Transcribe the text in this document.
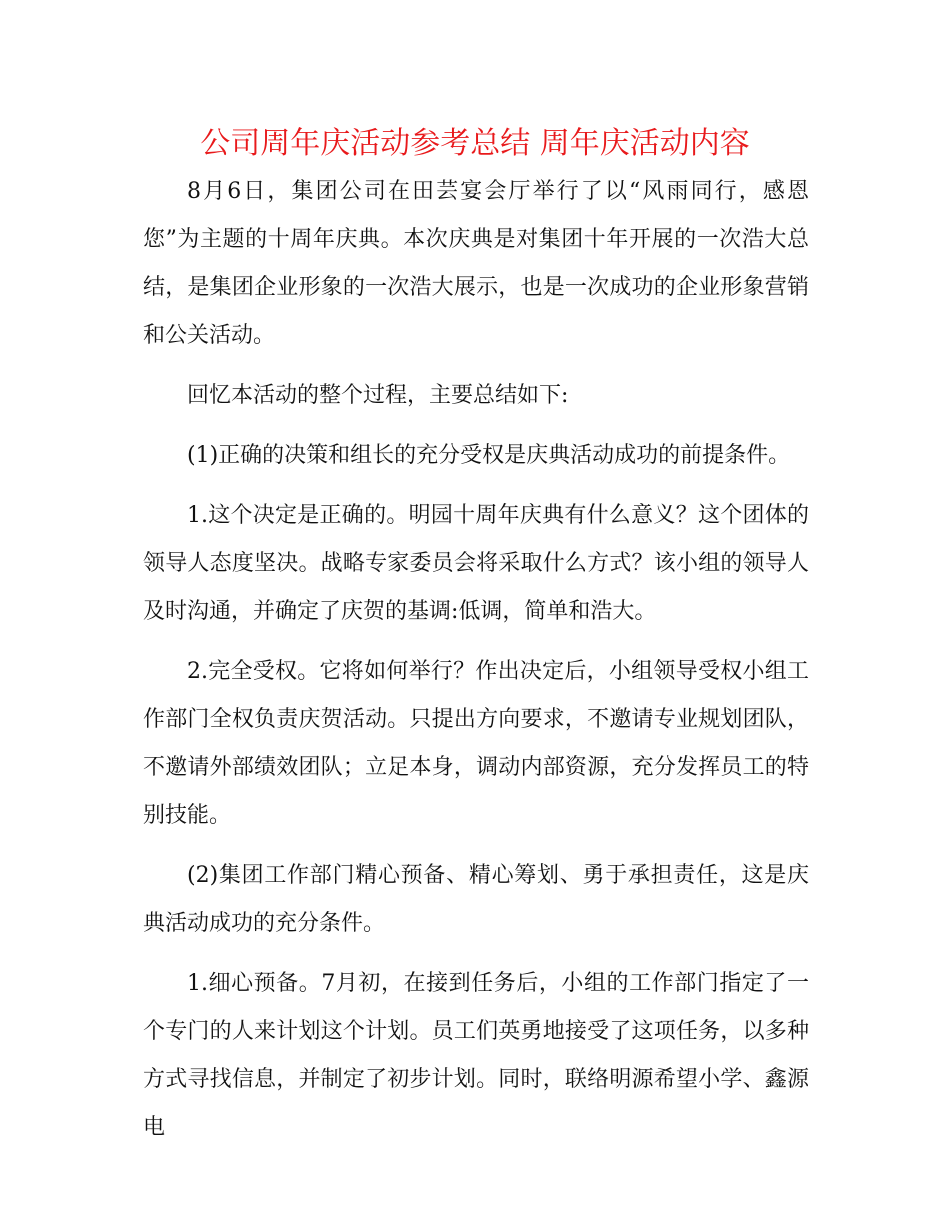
公司周年庆活动参考总结 周年庆活动内容

8月6日，集团公司在田芸宴会厅举行了以“风雨同行，感恩您”为主题的十周年庆典。本次庆典是对集团十年开展的一次浩大总结，是集团企业形象的一次浩大展示，也是一次成功的企业形象营销和公关活动。

回忆本活动的整个过程，主要总结如下:

(1)正确的决策和组长的充分受权是庆典活动成功的前提条件。

1.这个决定是正确的。明园十周年庆典有什么意义？这个团体的领导人态度坚决。战略专家委员会将采取什么方式？该小组的领导人及时沟通，并确定了庆贺的基调:低调，简单和浩大。

2.完全受权。它将如何举行？作出决定后，小组领导受权小组工作部门全权负责庆贺活动。只提出方向要求，不邀请专业规划团队，不邀请外部绩效团队；立足本身，调动内部资源，充分发挥员工的特别技能。

(2)集团工作部门精心预备、精心筹划、勇于承担责任，这是庆典活动成功的充分条件。

1.细心预备。7月初，在接到任务后，小组的工作部门指定了一个专门的人来计划这个计划。员工们英勇地接受了这项任务，以多种方式寻找信息，并制定了初步计划。同时，联络明源希望小学、鑫源电
